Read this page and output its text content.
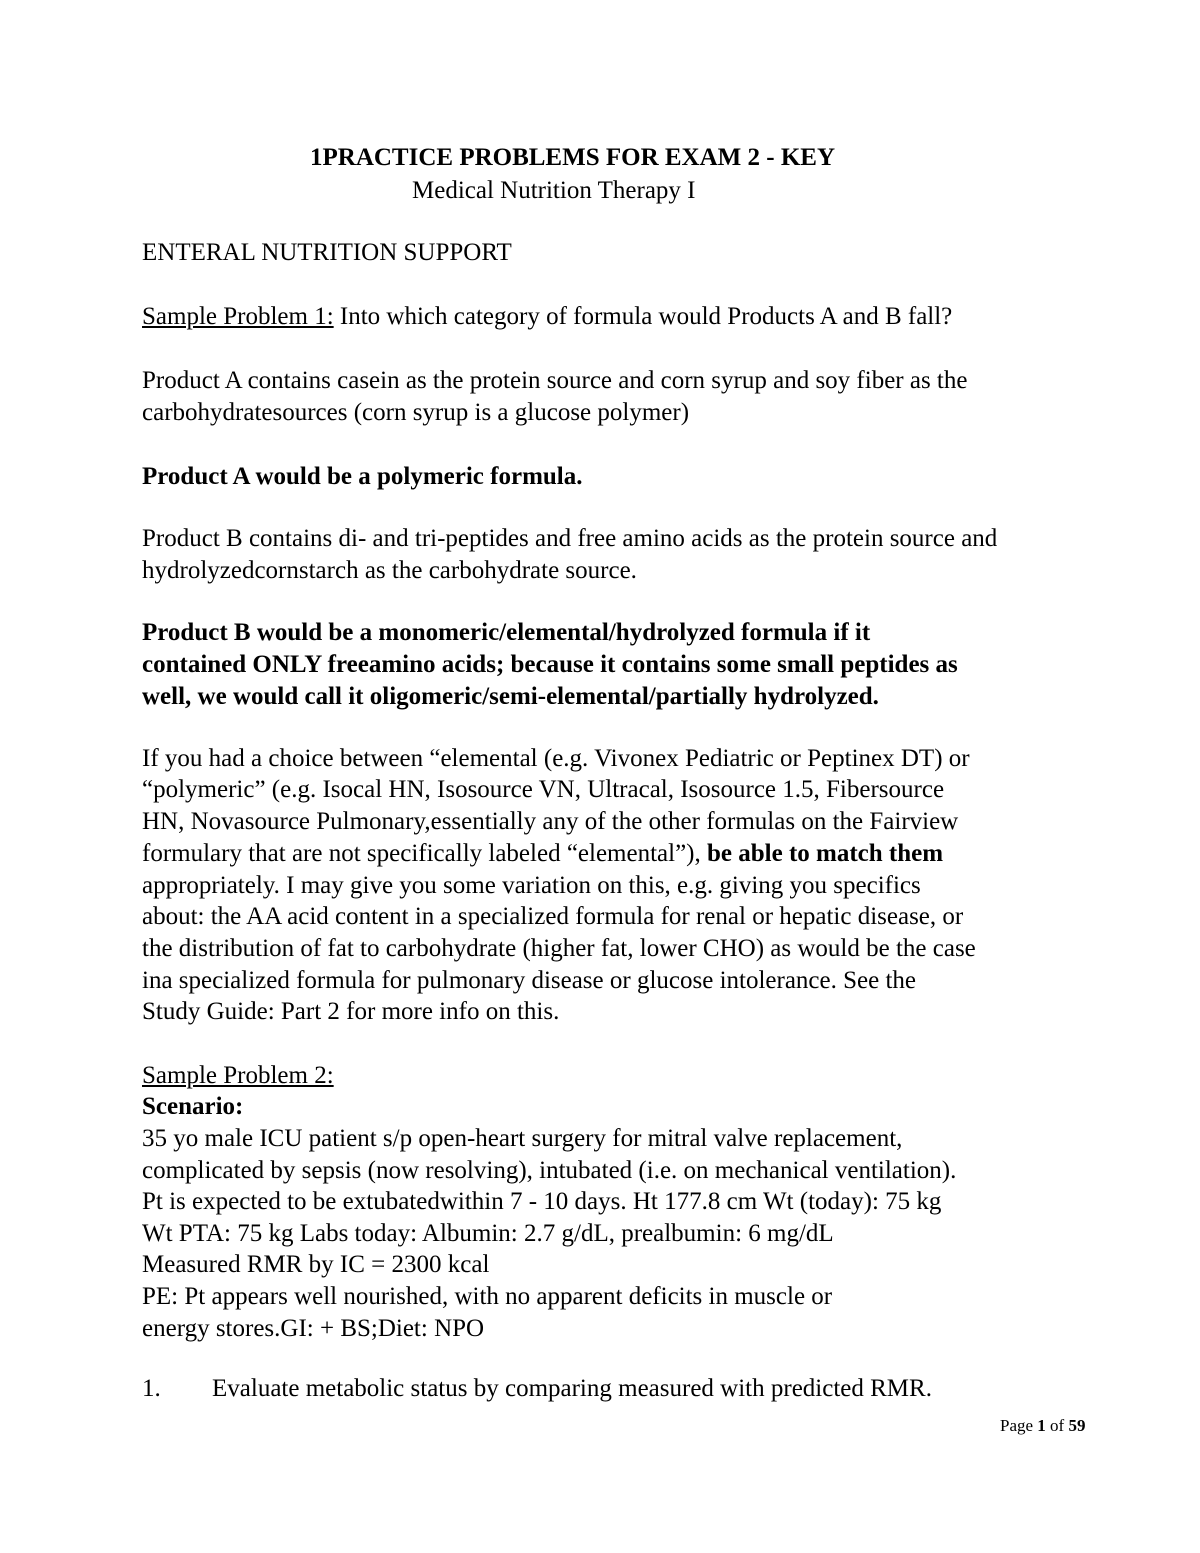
1PRACTICE PROBLEMS FOR EXAM 2 - KEY
Medical Nutrition Therapy I
ENTERAL NUTRITION SUPPORT
Sample Problem 1: Into which category of formula would Products A and B fall?
Product A contains casein as the protein source and corn syrup and soy fiber as the
carbohydratesources (corn syrup is a glucose polymer)
Product A would be a polymeric formula.
Product B contains di- and tri-peptides and free amino acids as the protein source and
hydrolyzedcornstarch as the carbohydrate source.
Product B would be a monomeric/elemental/hydrolyzed formula if it
contained ONLY freeamino acids; because it contains some small peptides as
well, we would call it oligomeric/semi-elemental/partially hydrolyzed.
If you had a choice between “elemental (e.g. Vivonex Pediatric or Peptinex DT) or
“polymeric” (e.g. Isocal HN, Isosource VN, Ultracal, Isosource 1.5, Fibersource
HN, Novasource Pulmonary,essentially any of the other formulas on the Fairview
formulary that are not specifically labeled “elemental”), be able to match them
appropriately. I may give you some variation on this, e.g. giving you specifics
about: the AA acid content in a specialized formula for renal or hepatic disease, or
the distribution of fat to carbohydrate (higher fat, lower CHO) as would be the case
ina specialized formula for pulmonary disease or glucose intolerance. See the
Study Guide: Part 2 for more info on this.
Sample Problem 2:
Scenario:
35 yo male ICU patient s/p open-heart surgery for mitral valve replacement,
complicated by sepsis (now resolving), intubated (i.e. on mechanical ventilation).
Pt is expected to be extubatedwithin 7 - 10 days. Ht 177.8 cm Wt (today): 75 kg
Wt PTA: 75 kg Labs today: Albumin: 2.7 g/dL, prealbumin: 6 mg/dL
Measured RMR by IC = 2300 kcal
PE: Pt appears well nourished, with no apparent deficits in muscle or
energy stores.GI: + BS;Diet: NPO
1. Evaluate metabolic status by comparing measured with predicted RMR.
Page 1 of 59
